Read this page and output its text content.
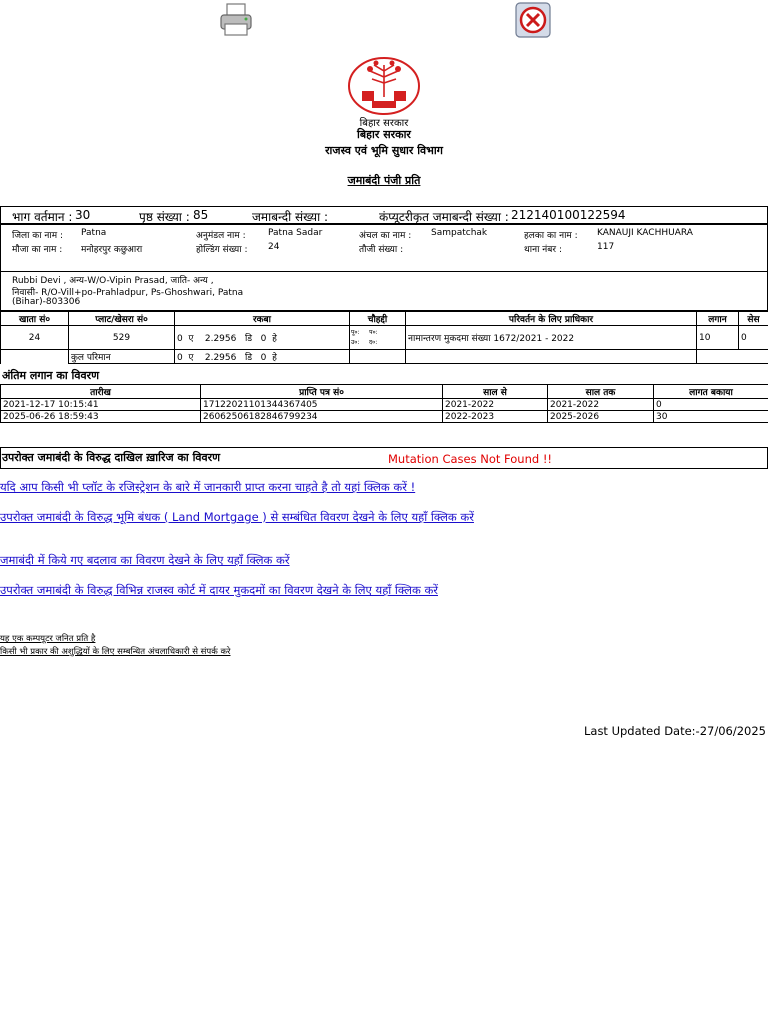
बिहार सरकार
बिहार सरकार
राजस्व एवं भूमि सुधार विभाग
जमाबंदी पंजी प्रति
भाग वर्तमान : 30	पृष्ठ संख्या : 85	जमाबन्दी संख्या :	कंप्यूटरीकृत जमाबन्दी संख्या : 212140100122594
जिला का नाम : Patna	अनुमंडल नाम : Patna Sadar	अंचल का नाम : Sampatchak	हलका का नाम : KANAUJI KACHHUARA
मौजा का नाम : मनोहरपुर कछुआरा	होल्डिंग संख्या : 24	तौजी संख्या :	थाना नंबर :	117
Rubbi Devi , अन्य-W/O-Vipin Prasad, जाति- अन्य ,
निवासी- R/O-Vill+po-Prahladpur, Ps-Ghoshwari, Patna
(Bihar)-803306
खाता सं०	प्लाट/खेसरा सं०	रकबा	चौहद्दी	परिवर्तन के लिए प्राधिकार	लगान	सेस
24	529	0  ए    2.2956   डि   0  हे	पू०: प०:
उ०: द०:	नामान्तरण मुकदमा संख्या 1672/2021 - 2022	10	0
	कुल परिमान	0  ए    2.2956   डि   0  हे				
अंतिम लगान का विवरण
तारीख	प्राप्ति पत्र सं०	साल से	साल तक	लागत बकाया
2021-12-17 10:15:41	17122021101344367405	2021-2022	2021-2022	0
2025-06-26 18:59:43	26062506182846799234	2022-2023	2025-2026	30
उपरोक्त जमाबंदी के विरुद्ध दाखिल ख़ारिज का विवरण	Mutation Cases Not Found !!
यदि आप किसी भी प्लॉट के रजिस्ट्रेशन के बारे में जानकारी प्राप्त करना चाहते है तो यहां क्लिक करें !
उपरोक्त जमाबंदी के विरुद्ध भूमि बंधक ( Land Mortgage ) से सम्बंधित विवरण देखने के लिए यहाँ क्लिक करें
जमाबंदी में किये गए बदलाव का विवरण देखने के लिए यहाँ क्लिक करें
उपरोक्त जमाबंदी के विरुद्ध विभिन्न राजस्व कोर्ट में दायर मुकदमों का विवरण देखने के लिए यहाँ क्लिक करें
यह एक कम्पयूटर जनित प्रति है
किसी भी प्रकार की अशुद्धियों के लिए सम्बन्धित अंचलाधिकारी से संपर्क करे
Last Updated Date:-27/06/2025
